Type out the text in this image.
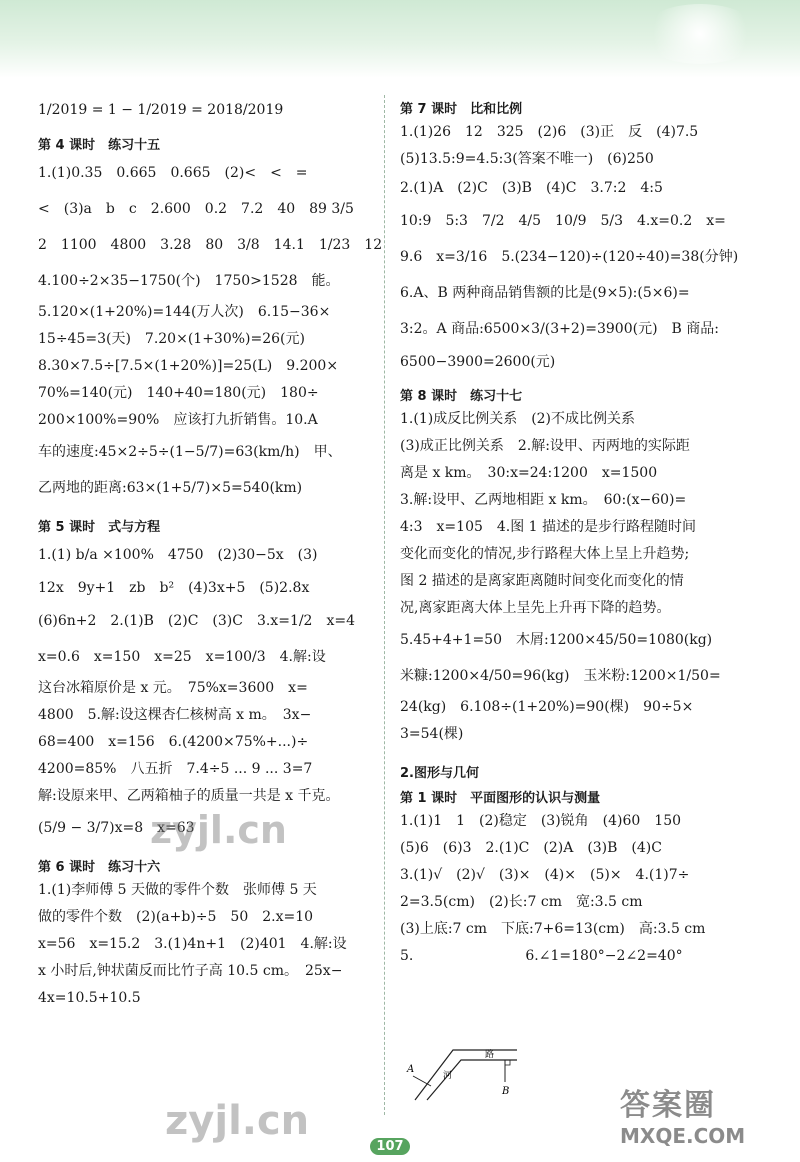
1/2019 = 1 − 1/2019 = 2018/2019

第 4 课时　练习十五

1.(1)0.35　0.665　0.665　(2)<　<　=

<　(3)a　b　c　2.600　0.2　7.2　40　89 3/5

2　1100　4800　3.28　80　3/8　14.1　1/23　12

4.100÷2×35−1750(个)　1750>1528　能。

5.120×(1+20%)=144(万人次)　6.15−36×

15÷45=3(天)　7.20×(1+30%)=26(元)

8.30×7.5÷[7.5×(1+20%)]=25(L)　9.200×

70%=140(元)　140+40=180(元)　180÷

200×100%=90%　应该打九折销售。10.A

车的速度:45×2÷5÷(1−5/7)=63(km/h)　甲、

乙两地的距离:63×(1+5/7)×5=540(km)

第 5 课时　式与方程

1.(1) b/a ×100%　4750　(2)30−5x　(3)

12x　9y+1　zb　b²　(4)3x+5　(5)2.8x

(6)6n+2　2.(1)B　(2)C　(3)C　3.x=1/2　x=4

x=0.6　x=150　x=25　x=100/3　4.解:设

这台冰箱原价是 x 元。　75%x=3600　x=

4800　5.解:设这棵杏仁核树高 x m。　3x−

68=400　x=156　6.(4200×75%+...)÷

4200=85%　八五折　7.4÷5 ... 9 ... 3=7

解:设原来甲、乙两箱柚子的质量一共是 x 千克。

(5/9 − 3/7)x=8　x=63

第 6 课时　练习十六

1.(1)李师傅 5 天做的零件个数　张师傅 5 天

做的零件个数　(2)(a+b)÷5　50　2.x=10

x=56　x=15.2　3.(1)4n+1　(2)401　4.解:设

x 小时后,钟状菌反而比竹子高 10.5 cm。　25x−

4x=10.5+10.5

第 7 课时　比和比例

1.(1)26　12　325　(2)6　(3)正　反　(4)7.5

(5)13.5:9=4.5:3(答案不唯一)　(6)250

2.(1)A　(2)C　(3)B　(4)C　3.7:2　4:5

10:9　5:3　7/2　4/5　10/9　5/3　4.x=0.2　x=

9.6　x=3/16　5.(234−120)÷(120÷40)=38(分钟)

6.A、B 两种商品销售额的比是(9×5):(5×6)=

3:2。A 商品:6500×3/(3+2)=3900(元)　B 商品:

6500−3900=2600(元)

第 8 课时　练习十七

1.(1)成反比例关系　(2)不成比例关系

(3)成正比例关系　2.解:设甲、丙两地的实际距

离是 x km。　30:x=24:1200　x=1500

3.解:设甲、乙两地相距 x km。　60:(x−60)=

4:3　x=105　4.图 1 描述的是步行路程随时间

变化而变化的情况,步行路程大体上呈上升趋势;

图 2 描述的是离家距离随时间变化而变化的情

况,离家距离大体上呈先上升再下降的趋势。

5.45+4+1=50　木屑:1200×45/50=1080(kg)

米糠:1200×4/50=96(kg)　玉米粉:1200×1/50=

24(kg)　6.108÷(1+20%)=90(棵)　90÷5×

3=54(棵)

2.图形与几何

第 1 课时　平面图形的认识与测量

1.(1)1　1　(2)稳定　(3)锐角　(4)60　150

(5)6　(6)3　2.(1)C　(2)A　(3)B　(4)C

3.(1)√　(2)√　(3)×　(4)×　(5)×　4.(1)7÷

2=3.5(cm)　(2)长:7 cm　宽:3.5 cm

(3)上底:7 cm　下底:7+6=13(cm)　高:3.5 cm

5.　　　　　　　　6.∠1=180°−2∠2=40°

A
B
路
河
zyjl.cn
zyjl.cn	答案圈
MXQE.COM
107
